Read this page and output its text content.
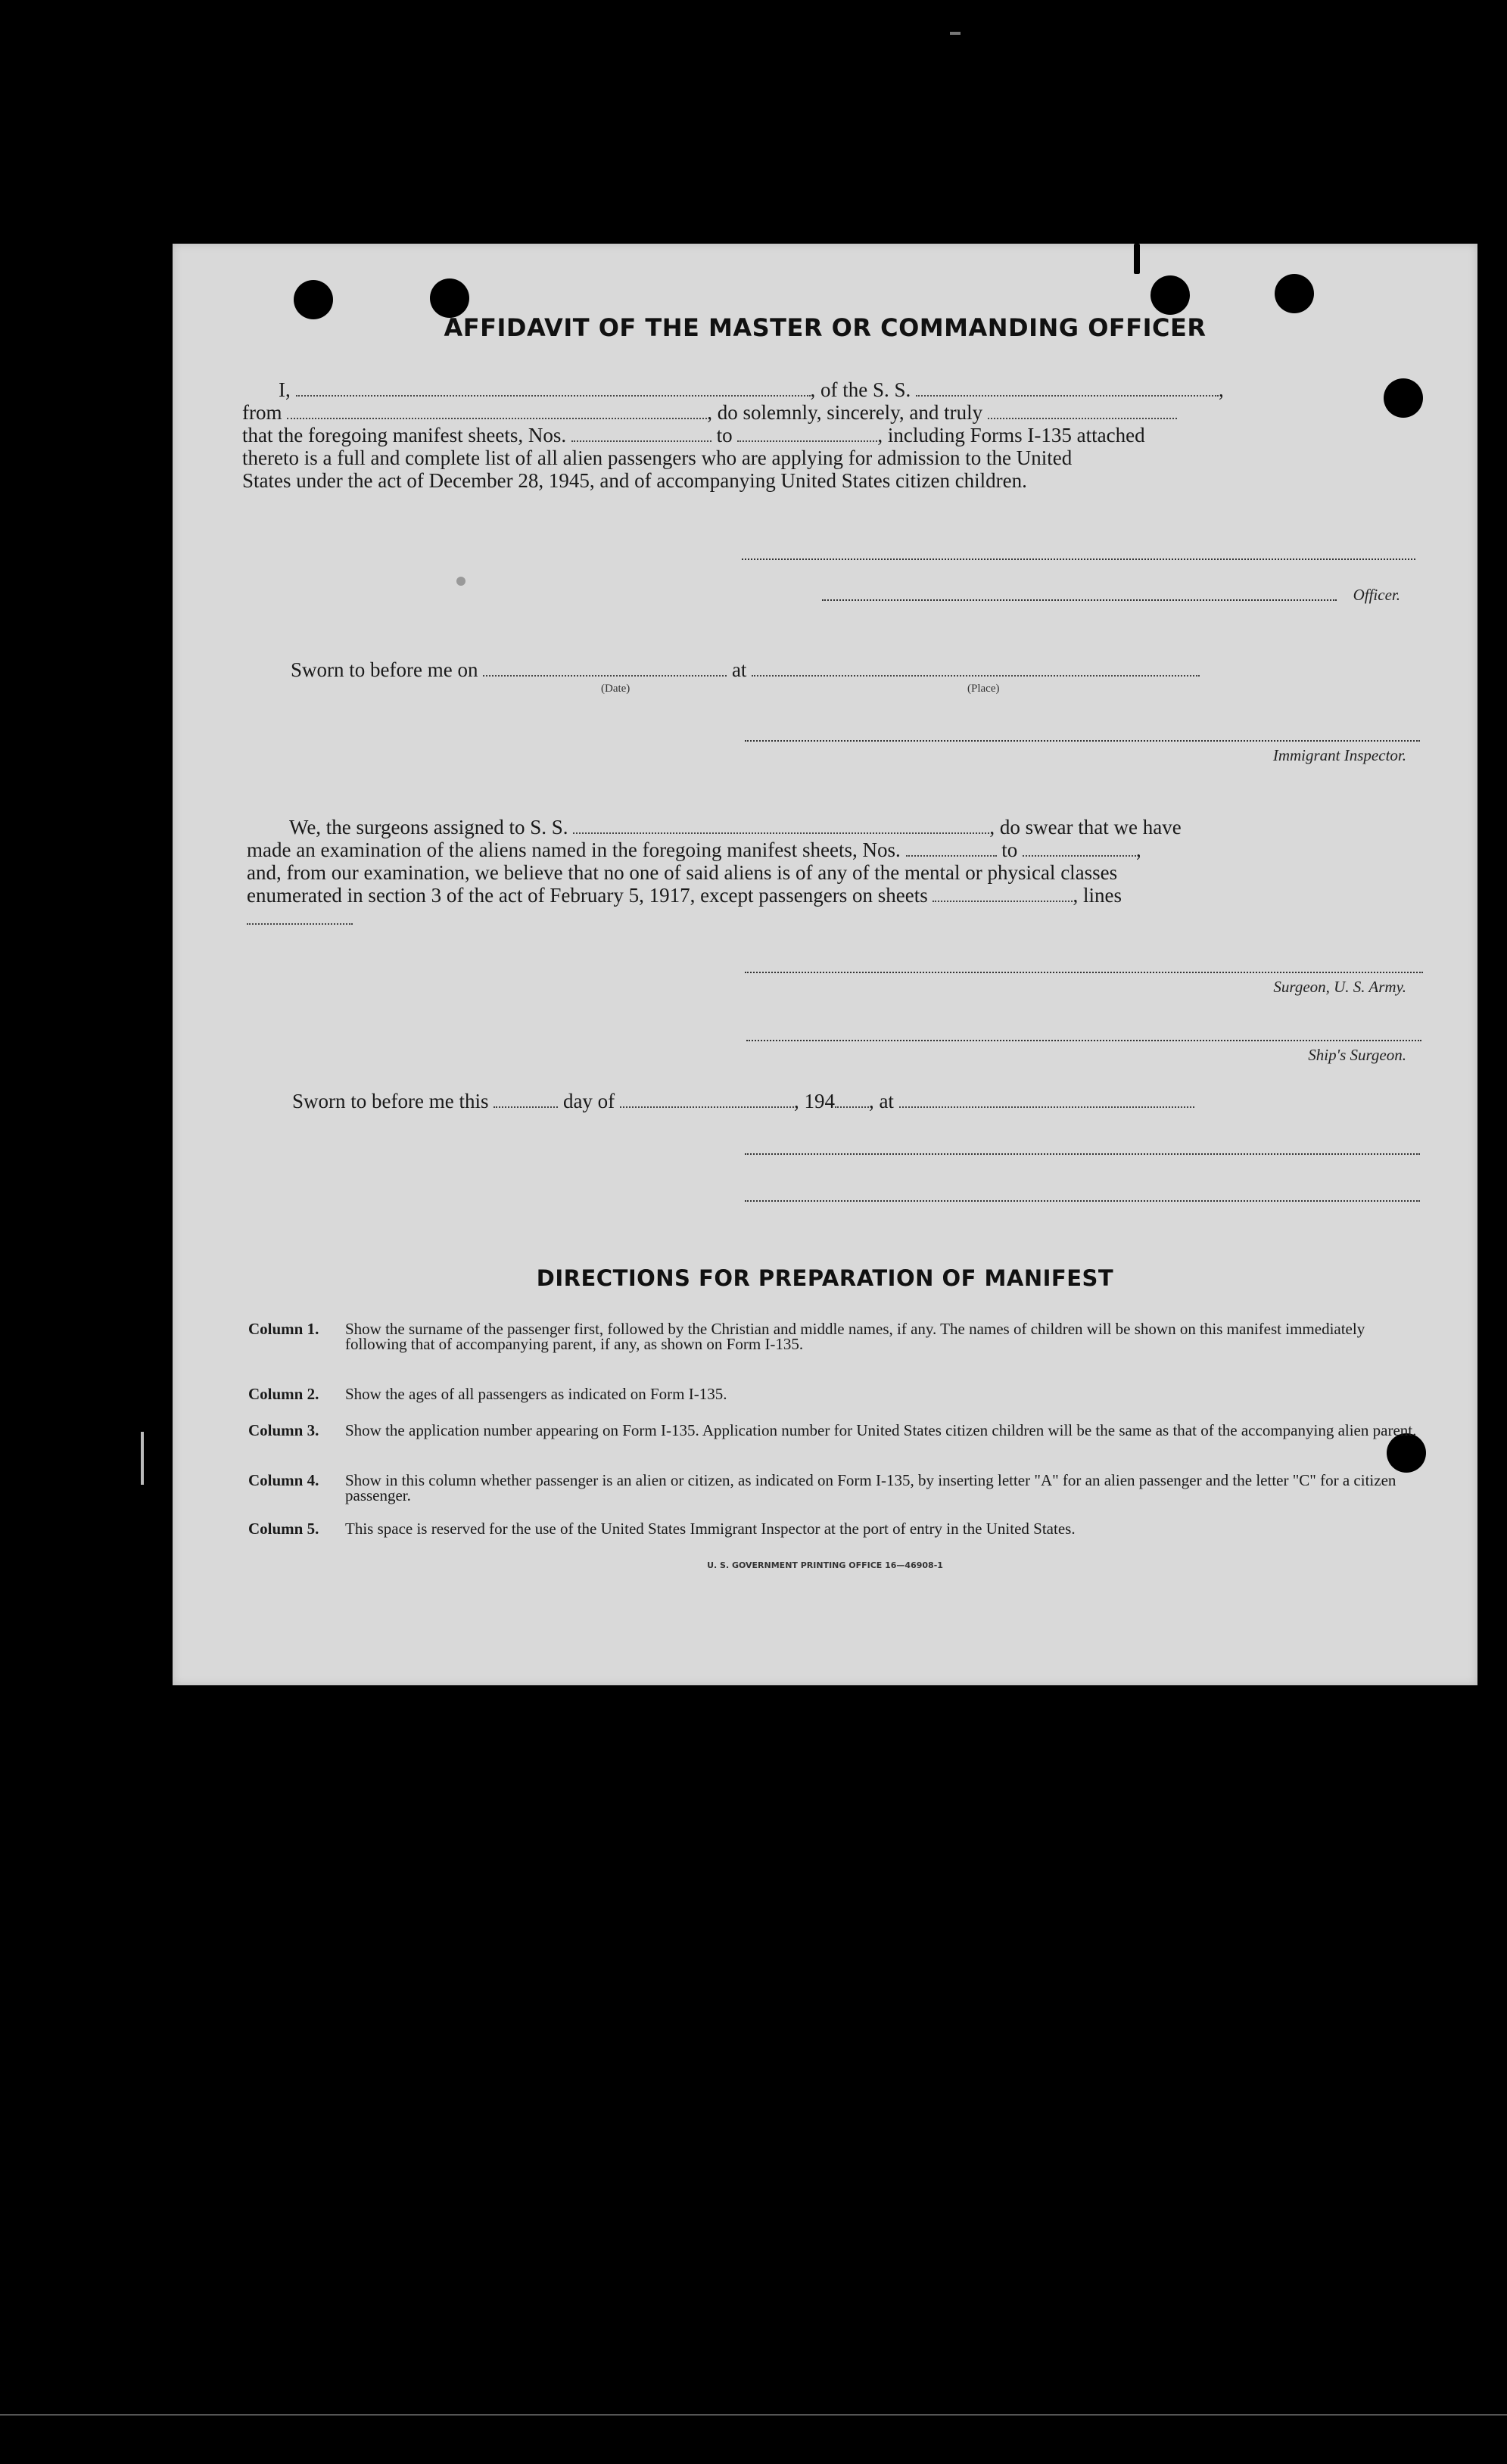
AFFIDAVIT OF THE MASTER OR COMMANDING OFFICER
I,	, of the S. S.	,
from	, do solemnly, sincerely, and truly
that the foregoing manifest sheets, Nos.	to	, including Forms I-135 attached
thereto is a full and complete list of all alien passengers who are applying for admission to the United
States under the act of December 28, 1945, and of accompanying United States citizen children.
Officer.
Sworn to before me on	at
(Date)	(Place)
Immigrant Inspector.
We, the surgeons assigned to S. S.	, do swear that we have
made an examination of the aliens named in the foregoing manifest sheets, Nos.	to	,
and, from our examination, we believe that no one of said aliens is of any of the mental or physical classes
enumerated in section 3 of the act of February 5, 1917, except passengers on sheets	, lines
Surgeon, U. S. Army.
Ship's Surgeon.
Sworn to before me this	day of	, 194 , at
DIRECTIONS FOR PREPARATION OF MANIFEST
Column 1.	Show the surname of the passenger first, followed by the Christian and middle names, if any. The names of children will be shown on this manifest immediately following that of accompanying parent, if any, as shown on Form I-135.
Column 2.	Show the ages of all passengers as indicated on Form I-135.
Column 3.	Show the application number appearing on Form I-135. Application number for United States citizen children will be the same as that of the accompanying alien parent.
Column 4.	Show in this column whether passenger is an alien or citizen, as indicated on Form I-135, by inserting letter "A" for an alien passenger and the letter "C" for a citizen passenger.
Column 5.	This space is reserved for the use of the United States Immigrant Inspector at the port of entry in the United States.
U. S. GOVERNMENT PRINTING OFFICE 16—46908-1
